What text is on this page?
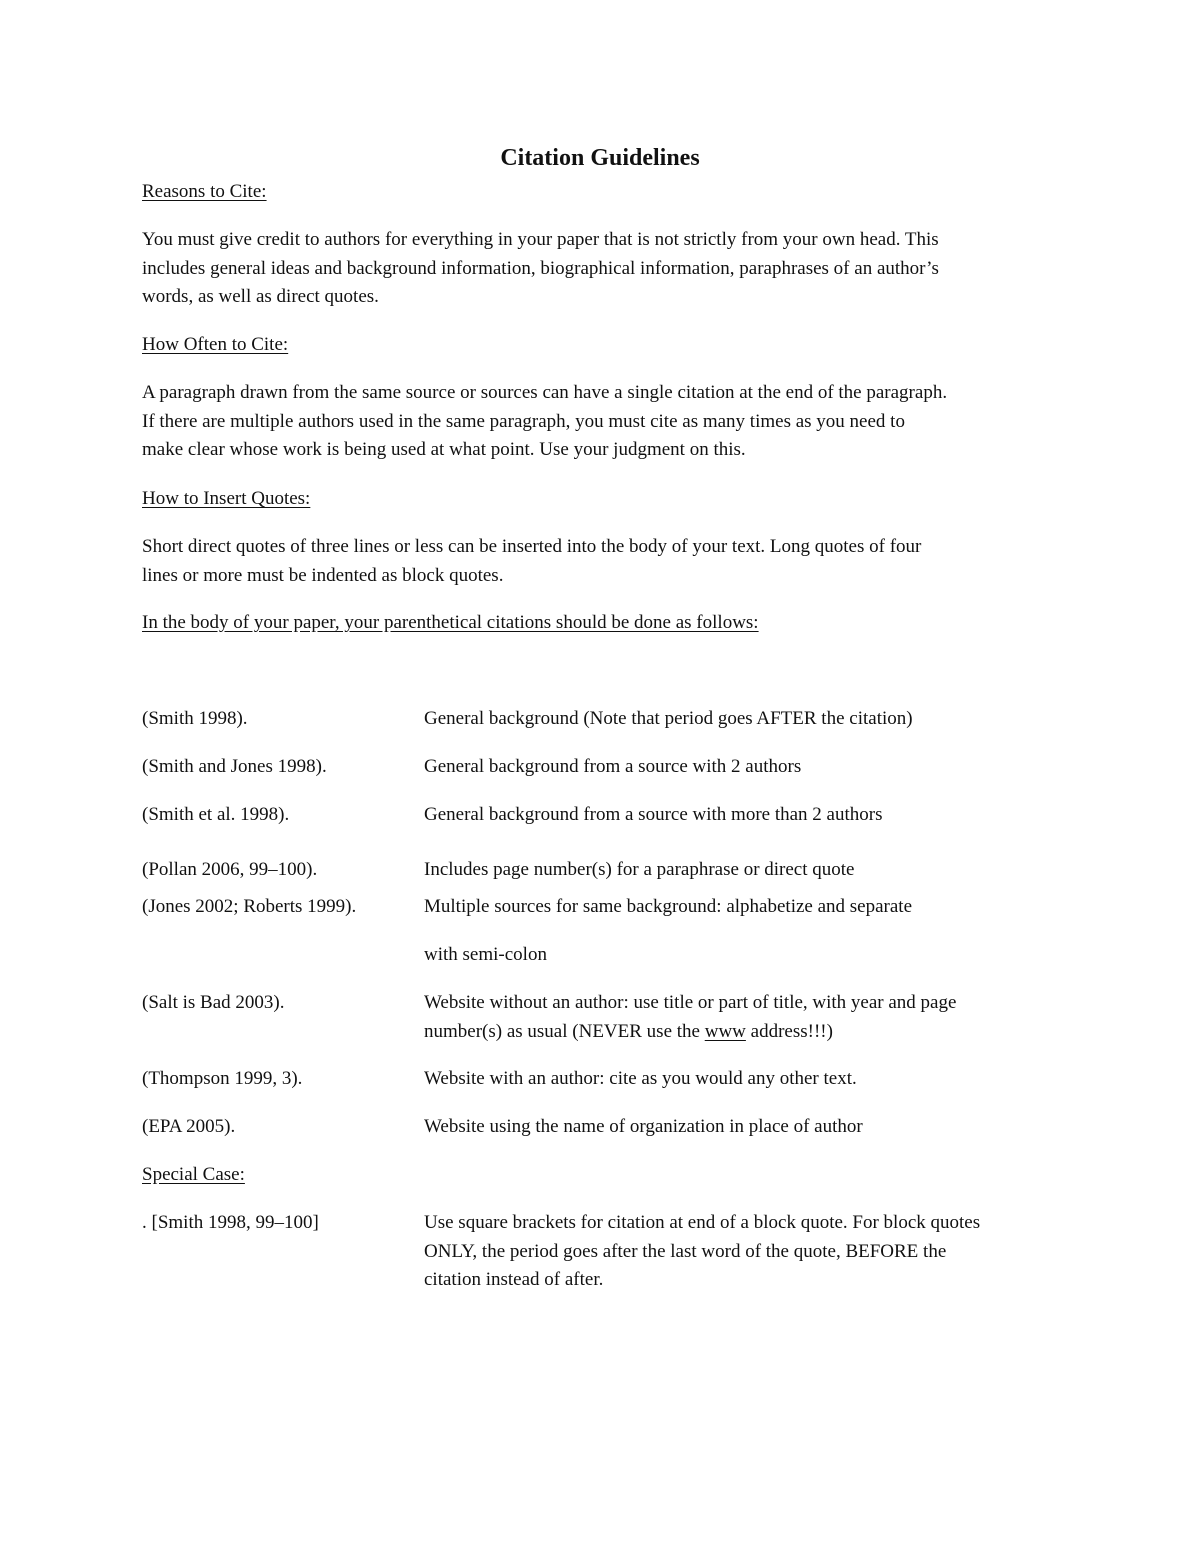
Citation Guidelines
Reasons to Cite:
You must give credit to authors for everything in your paper that is not strictly from your own head. This
includes general ideas and background information, biographical information, paraphrases of an author’s
words, as well as direct quotes.
How Often to Cite:
A paragraph drawn from the same source or sources can have a single citation at the end of the paragraph.
If there are multiple authors used in the same paragraph, you must cite as many times as you need to
make clear whose work is being used at what point. Use your judgment on this.
How to Insert Quotes:
Short direct quotes of three lines or less can be inserted into the body of your text. Long quotes of four
lines or more must be indented as block quotes.
In the body of your paper, your parenthetical citations should be done as follows:
(Smith 1998).	General background (Note that period goes AFTER the citation)
(Smith and Jones 1998).	General background from a source with 2 authors
(Smith et al. 1998).	General background from a source with more than 2 authors
(Pollan 2006, 99–100).	Includes page number(s) for a paraphrase or direct quote
(Jones 2002; Roberts 1999).	Multiple sources for same background: alphabetize and separate
with semi-colon
(Salt is Bad 2003).	Website without an author: use title or part of title, with year and page
number(s) as usual (NEVER use the www address!!!)
(Thompson 1999, 3).	Website with an author: cite as you would any other text.
(EPA 2005).	Website using the name of organization in place of author
Special Case:
. [Smith 1998, 99–100]	Use square brackets for citation at end of a block quote. For block quotes
ONLY, the period goes after the last word of the quote, BEFORE the
citation instead of after.
